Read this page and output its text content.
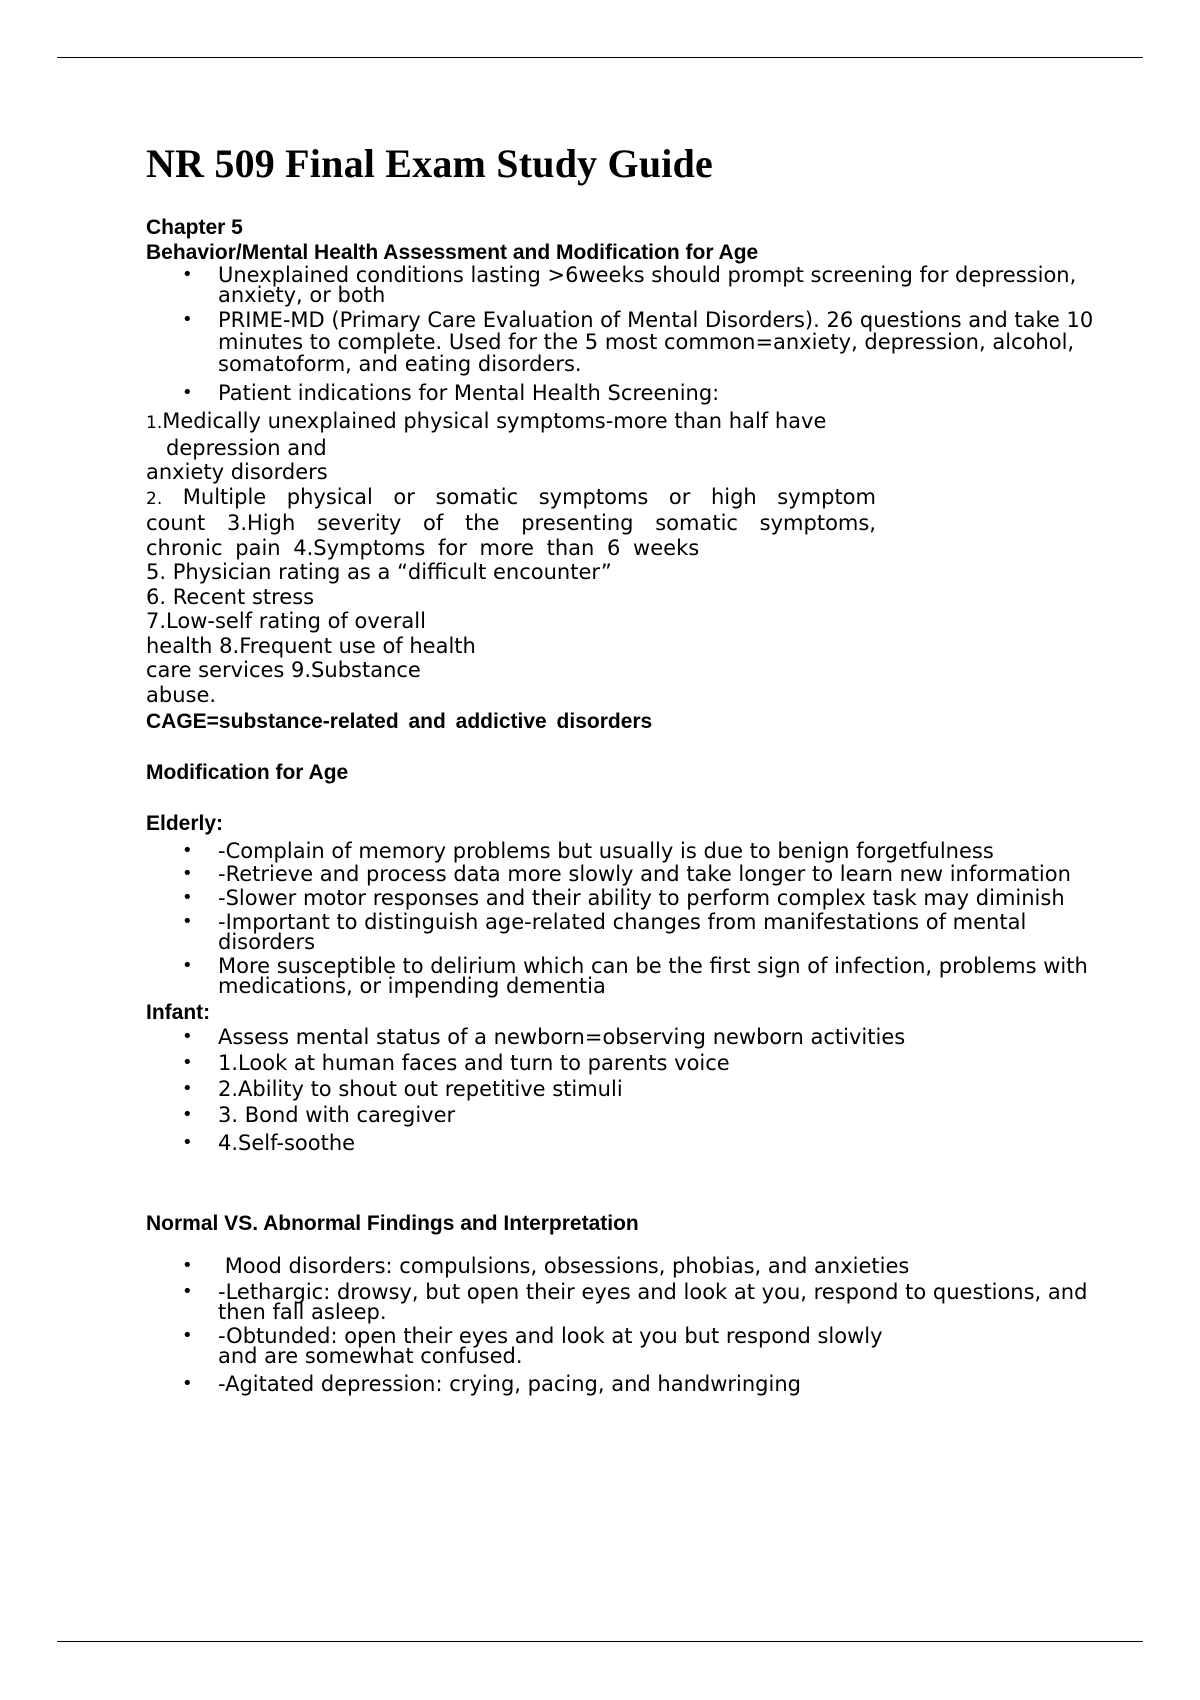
NR 509 Final Exam Study Guide

Chapter 5

Behavior/Mental Health Assessment and Modification for Age

• Unexplained conditions lasting >6weeks should prompt screening for depression, anxiety, or both
• PRIME-MD (Primary Care Evaluation of Mental Disorders). 26 questions and take 10 minutes to complete. Used for the 5 most common=anxiety, depression, alcohol, somatoform, and eating disorders.
• Patient indications for Mental Health Screening:
1.Medically unexplained physical symptoms-more than half have
depression and
anxiety disorders
2. Multiple physical or somatic symptoms or high symptom count 3.High severity of the presenting somatic symptoms, chronic pain 4.Symptoms for more than 6 weeks
5. Physician rating as a “difficult encounter”
6. Recent stress
7.Low-self rating of overall
health 8.Frequent use of health
care services 9.Substance
abuse.

CAGE=substance-related and addictive disorders

Modification for Age

Elderly:

• -Complain of memory problems but usually is due to benign forgetfulness
• -Retrieve and process data more slowly and take longer to learn new information
• -Slower motor responses and their ability to perform complex task may diminish
• -Important to distinguish age-related changes from manifestations of mental disorders
• More susceptible to delirium which can be the first sign of infection, problems with medications, or impending dementia

Infant:

• Assess mental status of a newborn=observing newborn activities
• 1.Look at human faces and turn to parents voice
• 2.Ability to shout out repetitive stimuli
• 3. Bond with caregiver
• 4.Self-soothe

Normal VS. Abnormal Findings and Interpretation

•  Mood disorders: compulsions, obsessions, phobias, and anxieties
• -Lethargic: drowsy, but open their eyes and look at you, respond to questions, and then fall asleep.
• -Obtunded: open their eyes and look at you but respond slowly and are somewhat confused.
• -Agitated depression: crying, pacing, and handwringing
